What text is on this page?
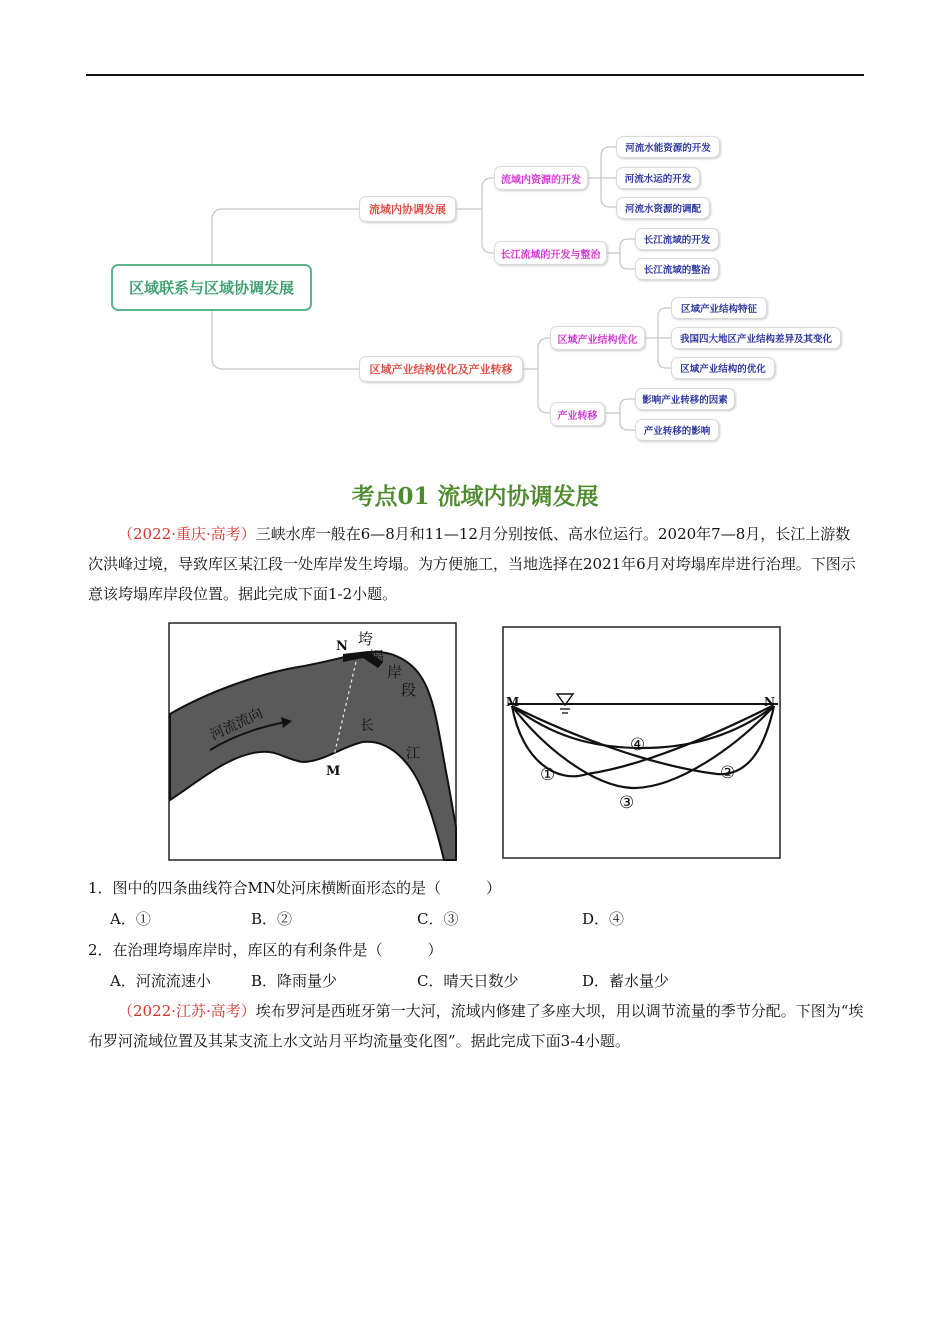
区域联系与区域协调发展
流域内协调发展
流域内资源的开发
河流水能资源的开发
河流水运的开发
河流水资源的调配
长江流域的开发与整治
长江流域的开发
长江流域的整治
区域产业结构优化及产业转移
区域产业结构优化
区域产业结构特征
我国四大地区产业结构差异及其变化
区域产业结构的优化
产业转移
影响产业转移的因素
产业转移的影响
考点01 流域内协调发展

（2022·重庆·高考）三峡水库一般在6—8月和11—12月分别按低、高水位运行。2020年7—8月，长江上游数次洪峰过境，导致库区某江段一处库岸发生垮塌。为方便施工，当地选择在2021年6月对垮塌库岸进行治理。下图示意该垮塌库岸段位置。据此完成下面1-2小题。

N
M
垮
塌
岸
段
河流流向	长
江
M	N
①	②
③
④

1．图中的四条曲线符合MN处河床横断面形态的是（　　　）

A．①	B．②	C．③	D．④

2．在治理垮塌库岸时，库区的有利条件是（　　　）

A．河流流速小	B．降雨量少	C．晴天日数少	D．蓄水量少

（2022·江苏·高考）埃布罗河是西班牙第一大河，流域内修建了多座大坝，用以调节流量的季节分配。下图为“埃布罗河流域位置及其某支流上水文站月平均流量变化图”。据此完成下面3-4小题。
